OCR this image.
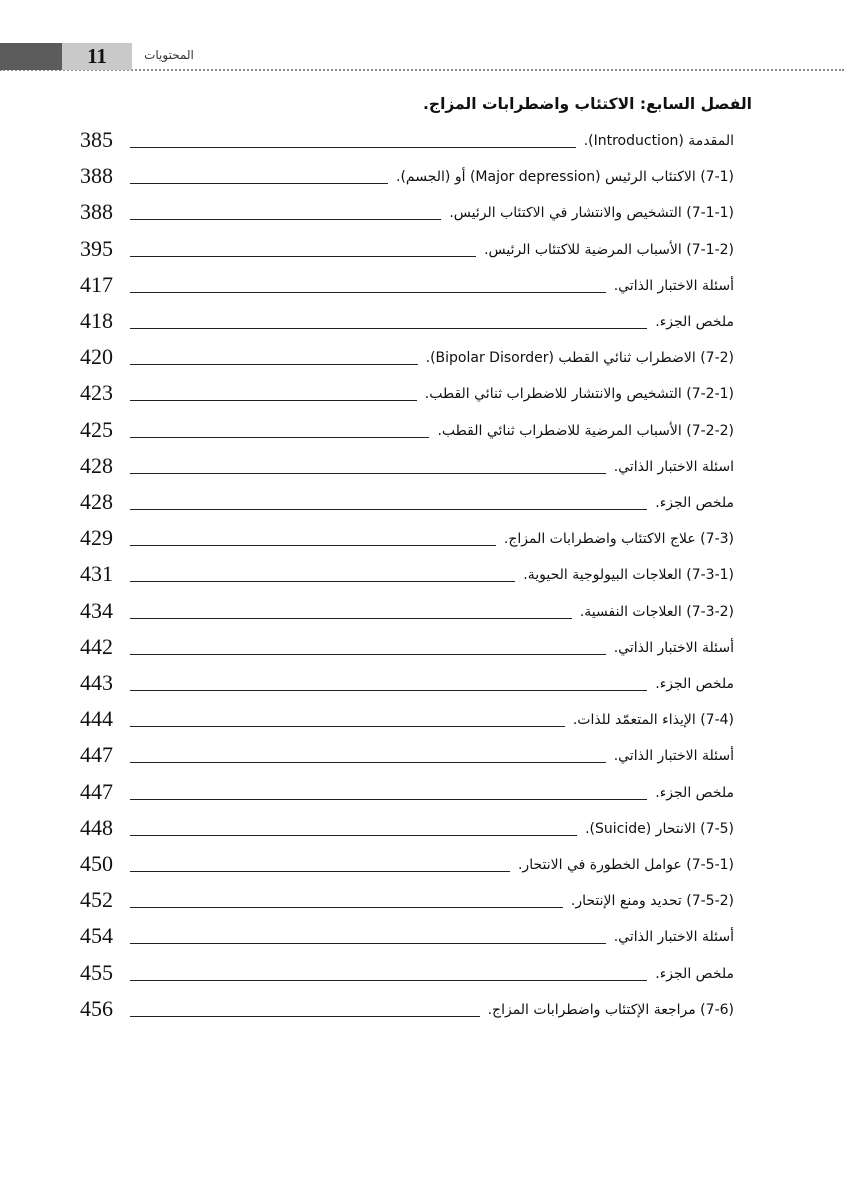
11	المحتويات
الفصل السابع: الاكتئاب واضطرابات المزاج.
385	المقدمة (Introduction).
388	(7-1) الاكتئاب الرئيس (Major depression) أو (الجسم).
388	(7-1-1) التشخيص والانتشار في الاكتئاب الرئيس.
395	(7-1-2) الأسباب المرضية للاكتئاب الرئيس.
417	أسئلة الاختبار الذاتي.
418	ملخص الجزء.
420	(7-2) الاضطراب ثنائي القطب (Bipolar Disorder).
423	(7-2-1) التشخيص والانتشار للاضطراب ثنائي القطب.
425	(7-2-2) الأسباب المرضية للاضطراب ثنائي القطب.
428	اسئلة الاختبار الذاتي.
428	ملخص الجزء.
429	(7-3) علاج الاكتئاب واضطرابات المزاج.
431	(7-3-1) العلاجات البيولوجية الحيوية.
434	(7-3-2) العلاجات النفسية.
442	أسئلة الاختبار الذاتي.
443	ملخص الجزء.
444	(7-4) الإيذاء المتعمّد للذات.
447	أسئلة الاختبار الذاتي.
447	ملخص الجزء.
448	(7-5) الانتحار (Suicide).
450	(7-5-1) عوامل الخطورة في الانتحار.
452	(7-5-2) تحديد ومنع الإنتحار.
454	أسئلة الاختبار الذاتي.
455	ملخص الجزء.
456	(7-6) مراجعة الإكتئاب واضطرابات المزاج.
